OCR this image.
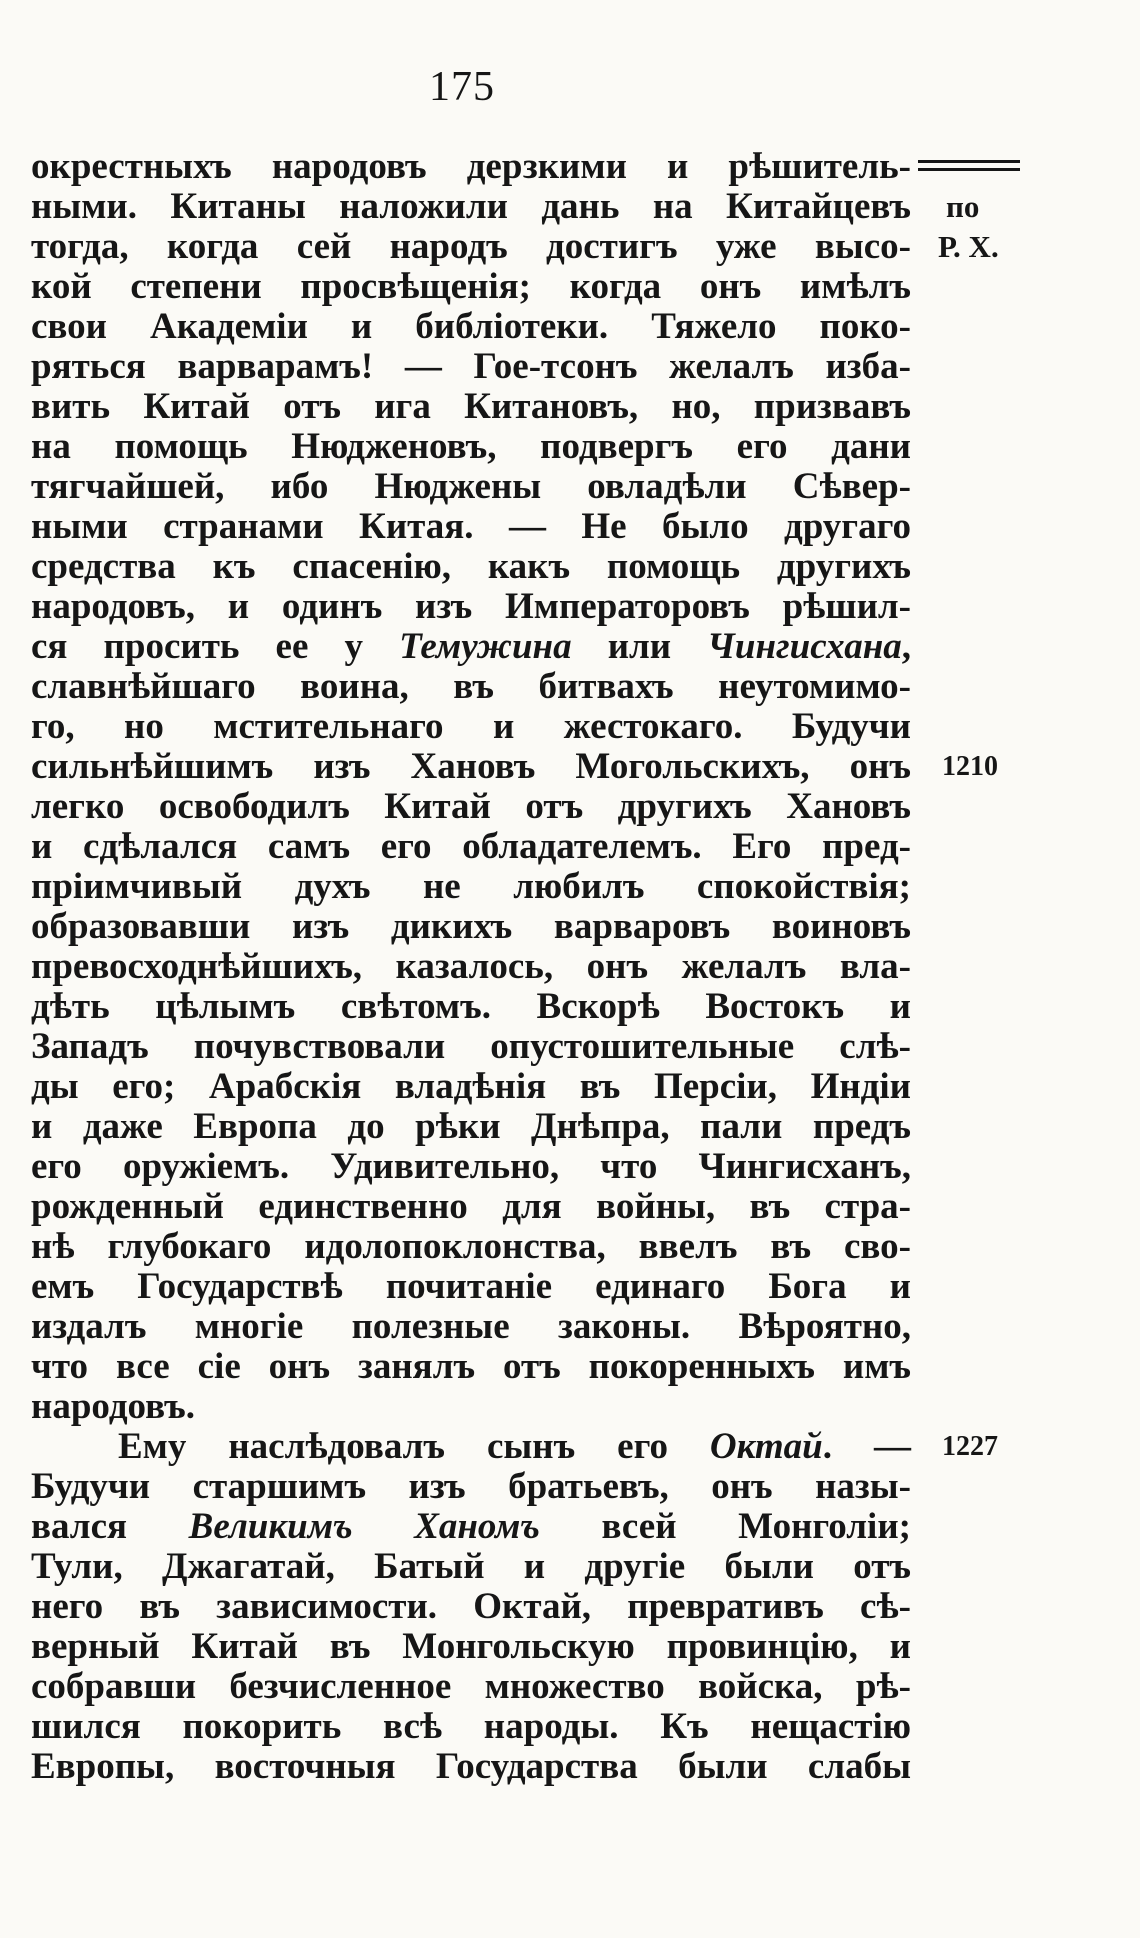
175
по
Р. Х.
1210
1227
окрестныхъ народовъ дерзкими и рѣшитель-
ными. Китаны наложили дань на Китайцевъ
тогда, когда сей народъ достигъ уже высо-
кой степени просвѣщенія; когда онъ имѣлъ
свои Академіи и библіотеки. Тяжело поко-
ряться варварамъ! — Гое-тсонъ желалъ изба-
вить Китай отъ ига Китановъ, но, призвавъ
на помощь Нюдженовъ, подвергъ его дани
тягчайшей, ибо Нюджены овладѣли Сѣвер-
ными странами Китая. — Не было другаго
средства къ спасенію, какъ помощь другихъ
народовъ, и одинъ изъ Императоровъ рѣшил-
ся просить ее у Темужина или Чингисхана,
славнѣйшаго воина, въ битвахъ неутомимо-
го, но мстительнаго и жестокаго. Будучи
сильнѣйшимъ изъ Хановъ Могольскихъ, онъ
легко освободилъ Китай отъ другихъ Хановъ
и сдѣлался самъ его обладателемъ. Его пред-
пріимчивый духъ не любилъ спокойствія;
образовавши изъ дикихъ варваровъ воиновъ
превосходнѣйшихъ, казалось, онъ желалъ вла-
дѣть цѣлымъ свѣтомъ. Вскорѣ Востокъ и
Западъ почувствовали опустошительные слѣ-
ды его; Арабскія владѣнія въ Персіи, Индіи
и даже Европа до рѣки Днѣпра, пали предъ
его оружіемъ. Удивительно, что Чингисханъ,
рожденный единственно для войны, въ стра-
нѣ глубокаго идолопоклонства, ввелъ въ сво-
емъ Государствѣ почитаніе единаго Бога и
издалъ многіе полезные законы. Вѣроятно,
что все сіе онъ занялъ отъ покоренныхъ имъ
народовъ.
Ему наслѣдовалъ сынъ его Октай. —
Будучи старшимъ изъ братьевъ, онъ назы-
вался Великимъ Ханомъ всей Монголіи;
Тули, Джагатай, Батый и другіе были отъ
него въ зависимости. Октай, превративъ сѣ-
верный Китай въ Монгольскую провинцію, и
собравши безчисленное множество войска, рѣ-
шился покорить всѣ народы. Къ нещастію
Европы, восточныя Государства были слабы
